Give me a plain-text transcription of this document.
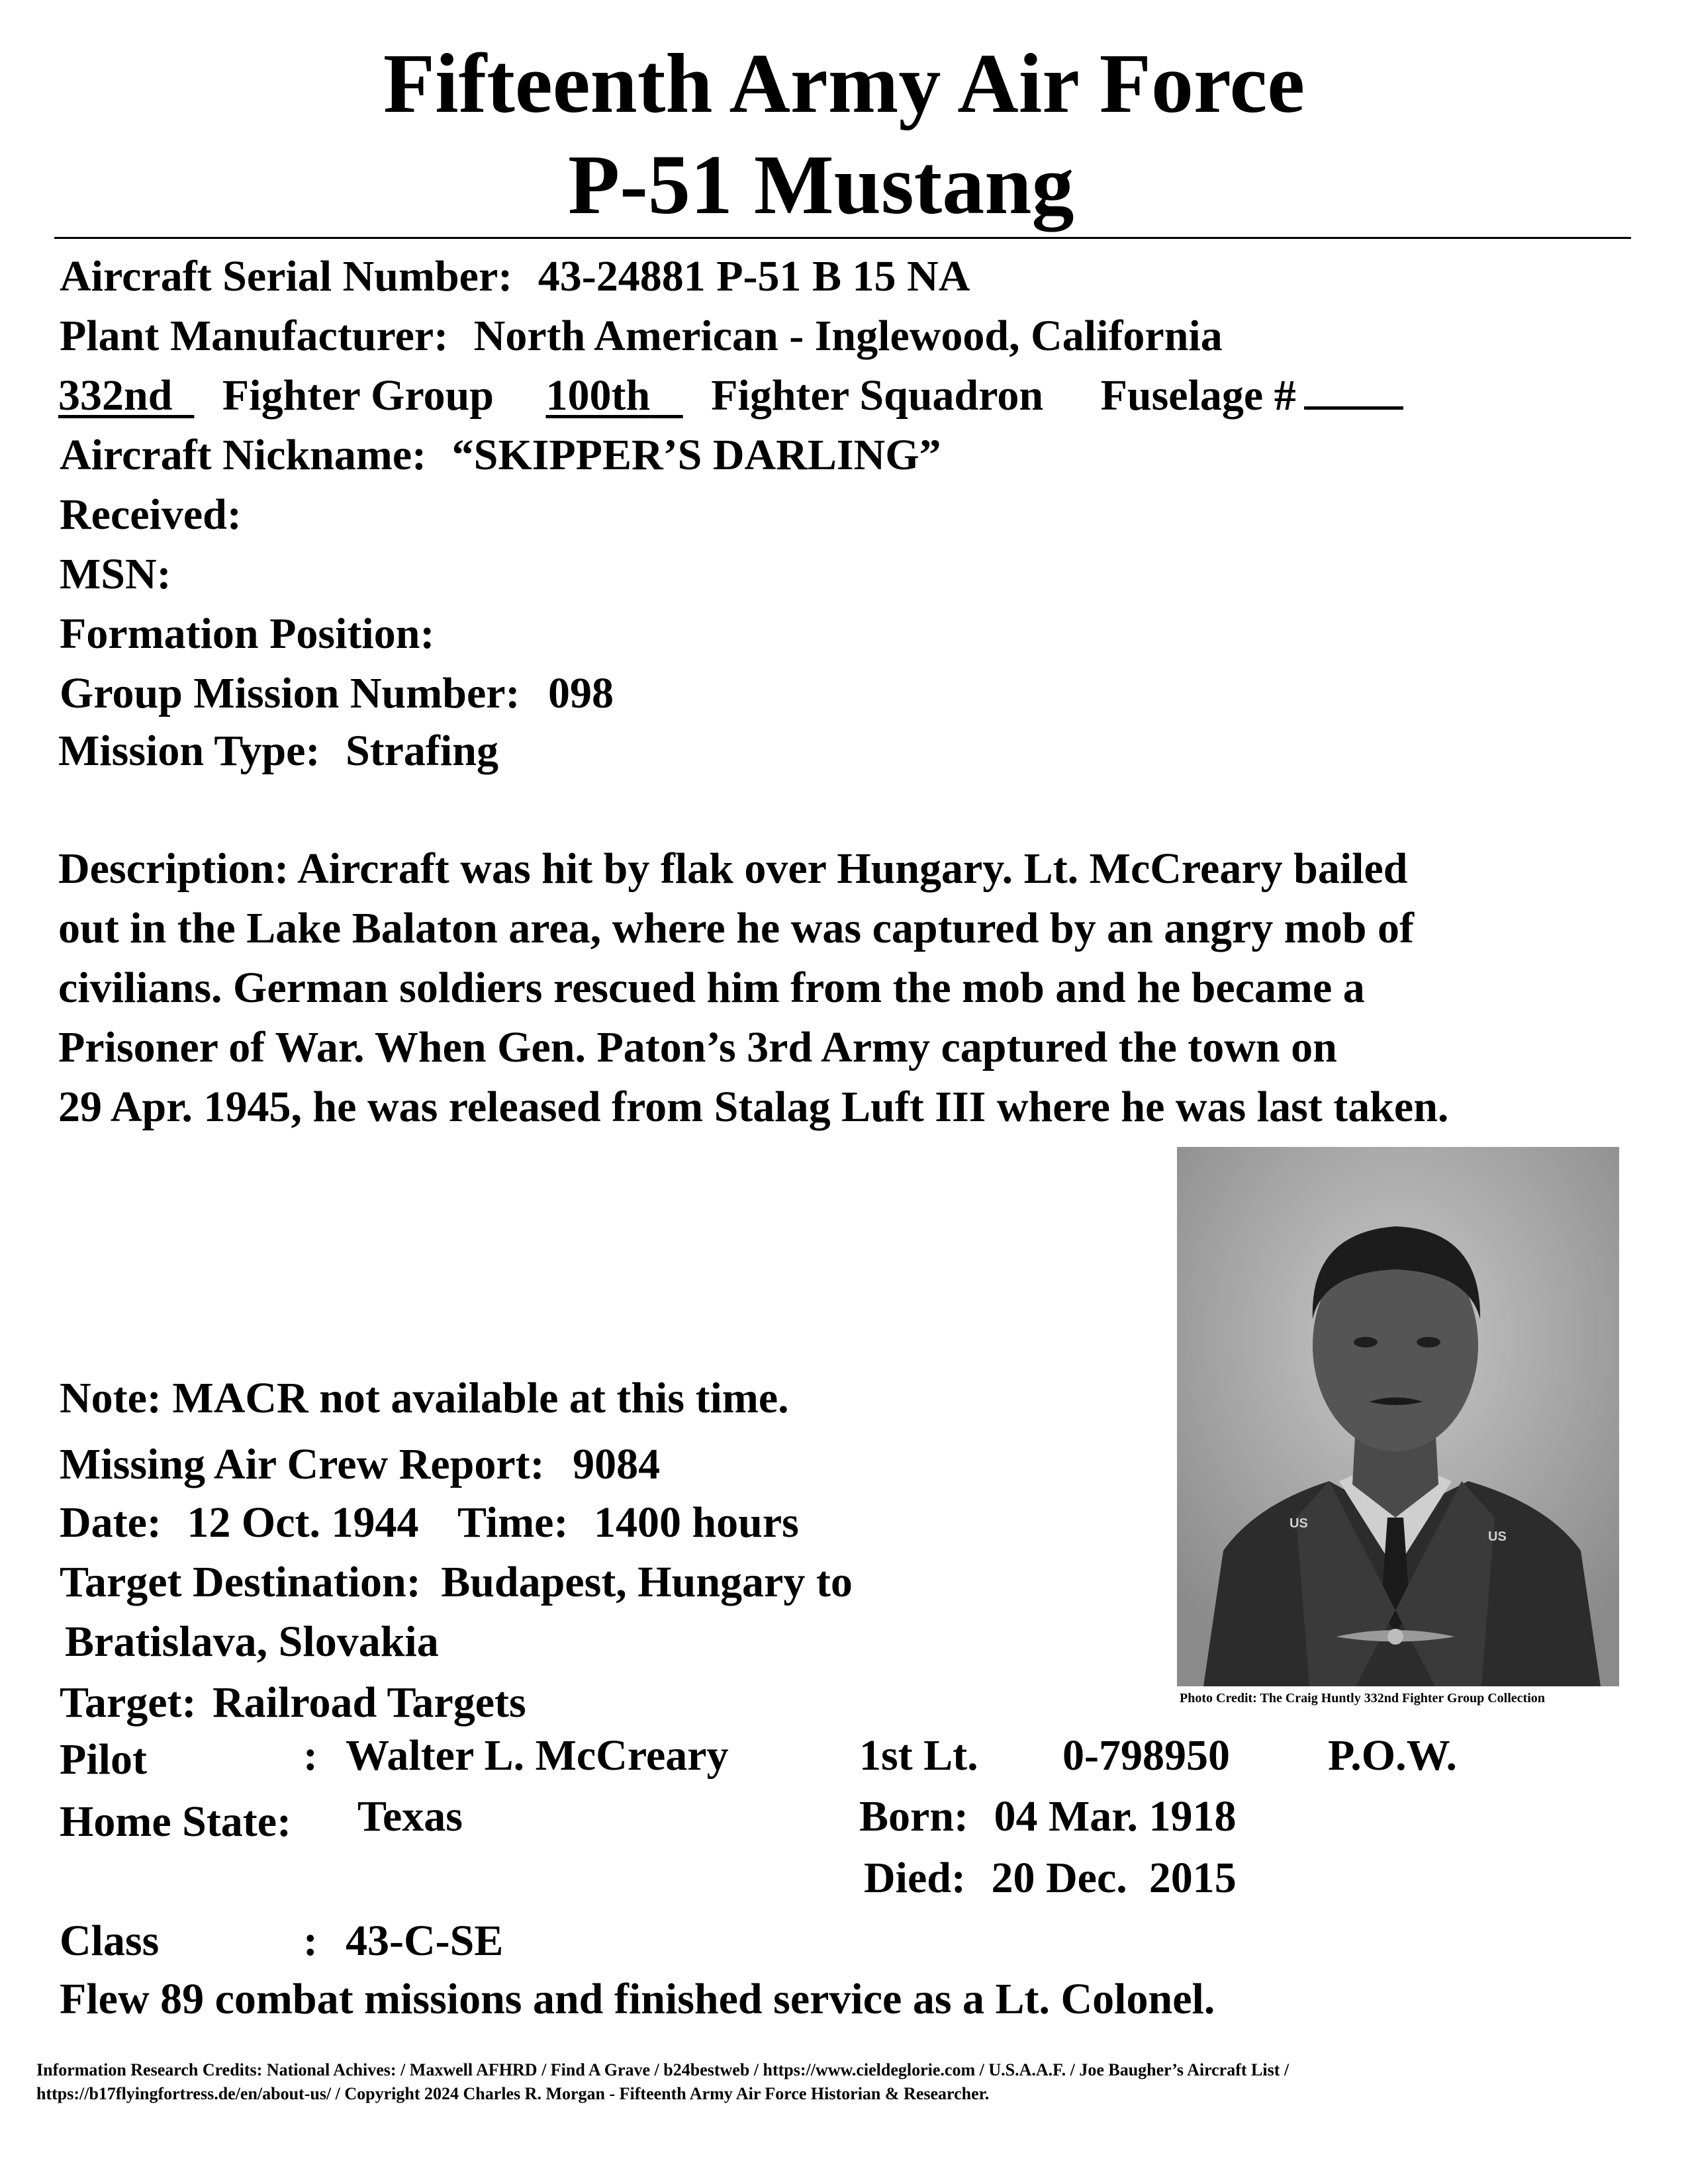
Fifteenth Army Air Force
P-51 Mustang
Aircraft Serial Number: 43-24881 P-51 B 15 NA
Plant Manufacturer: North American - Inglewood, California
332nd Fighter Group 100th Fighter Squadron Fuselage #
Aircraft Nickname: “SKIPPER’S DARLING”
Received:
MSN:
Formation Position:
Group Mission Number: 098
Mission Type: Strafing
Description: Aircraft was hit by flak over Hungary. Lt. McCreary bailed
out in the Lake Balaton area, where he was captured by an angry mob of
civilians. German soldiers rescued him from the mob and he became a
Prisoner of War. When Gen. Paton’s 3rd Army captured the town on
29 Apr. 1945, he was released from Stalag Luft III where he was last taken.
US
US
Photo Credit: The Craig Huntly 332nd Fighter Group Collection
Note: MACR not available at this time.
Missing Air Crew Report: 9084
Date: 12 Oct. 1944 Time: 1400 hours
Target Destination: Budapest, Hungary to
Bratislava, Slovakia
Target: Railroad Targets
Pilot	: Walter L. McCreary	1st Lt. 0-798950 P.O.W.
Home State: Texas	Born: 04 Mar. 1918
Died: 20 Dec.  2015
Class	: 43-C-SE
Flew 89 combat missions and finished service as a Lt. Colonel.
Information Research Credits: National Achives: / Maxwell AFHRD / Find A Grave / b24bestweb / https://www.cieldeglorie.com / U.S.A.A.F. / Joe Baugher’s Aircraft List /
https://b17flyingfortress.de/en/about-us/ / Copyright 2024 Charles R. Morgan - Fifteenth Army Air Force Historian & Researcher.
